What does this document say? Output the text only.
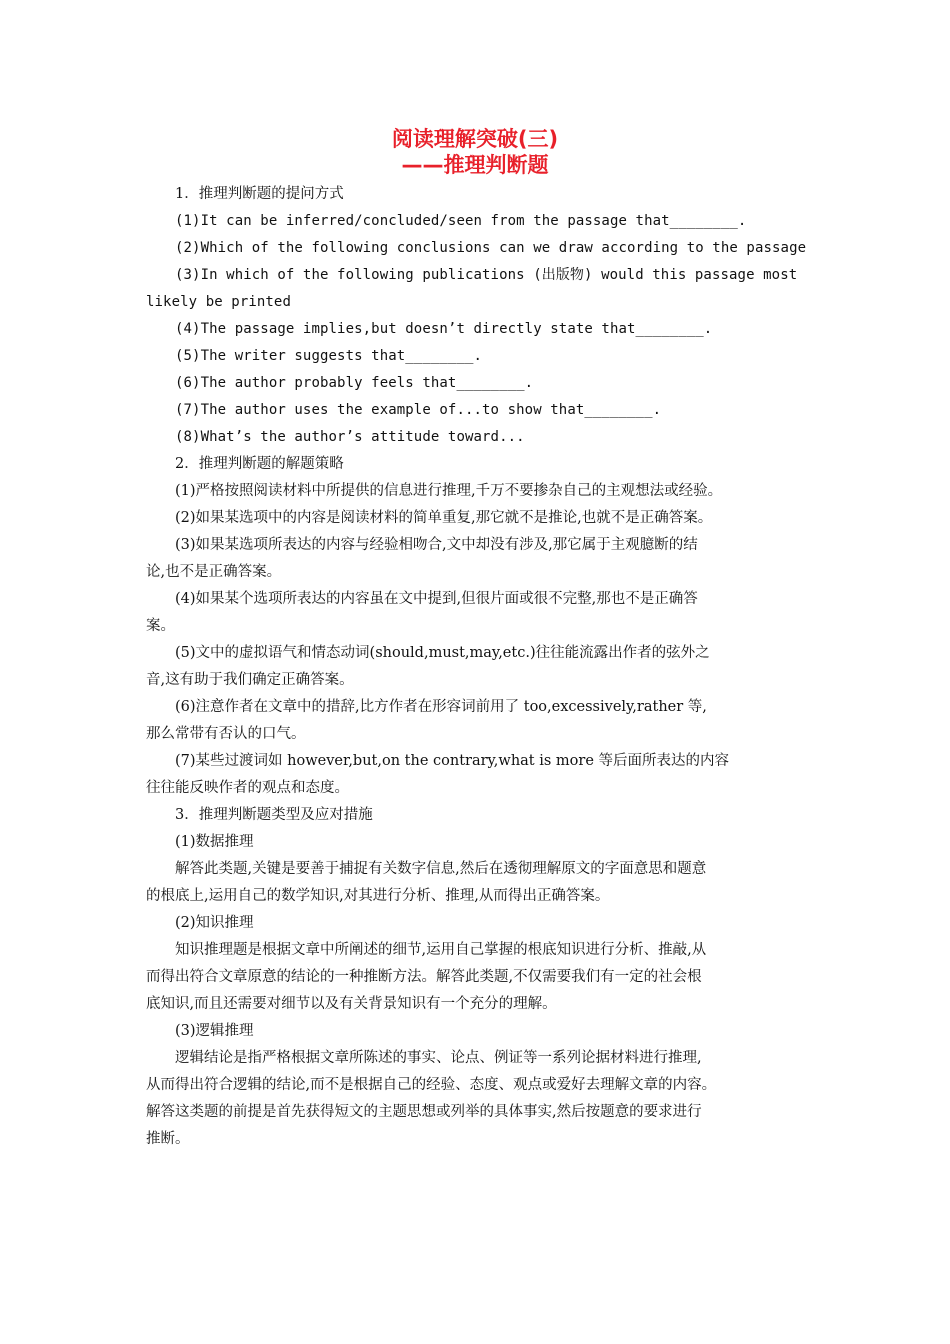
阅读理解突破(三)
——推理判断题
1．推理判断题的提问方式
(1)It can be inferred/concluded/seen from the passage that________.
(2)Which of the following conclusions can we draw according to the passage
(3)In which of the following publications (出版物) would this passage most
likely be printed
(4)The passage implies,but doesn’t directly state that________.
(5)The writer suggests that________.
(6)The author probably feels that________.
(7)The author uses the example of...to show that________.
(8)What’s the author’s attitude toward...
2．推理判断题的解题策略
(1)严格按照阅读材料中所提供的信息进行推理,千万不要掺杂自己的主观想法或经验。
(2)如果某选项中的内容是阅读材料的简单重复,那它就不是推论,也就不是正确答案。
(3)如果某选项所表达的内容与经验相吻合,文中却没有涉及,那它属于主观臆断的结
论,也不是正确答案。
(4)如果某个选项所表达的内容虽在文中提到,但很片面或很不完整,那也不是正确答
案。
(5)文中的虚拟语气和情态动词(should,must,may,etc.)往往能流露出作者的弦外之
音,这有助于我们确定正确答案。
(6)注意作者在文章中的措辞,比方作者在形容词前用了 too,excessively,rather 等,
那么常带有否认的口气。
(7)某些过渡词如 however,but,on the contrary,what is more 等后面所表达的内容
往往能反映作者的观点和态度。
3．推理判断题类型及应对措施
(1)数据推理
解答此类题,关键是要善于捕捉有关数字信息,然后在透彻理解原文的字面意思和题意
的根底上,运用自己的数学知识,对其进行分析、推理,从而得出正确答案。
(2)知识推理
知识推理题是根据文章中所阐述的细节,运用自己掌握的根底知识进行分析、推敲,从
而得出符合文章原意的结论的一种推断方法。解答此类题,不仅需要我们有一定的社会根
底知识,而且还需要对细节以及有关背景知识有一个充分的理解。
(3)逻辑推理
逻辑结论是指严格根据文章所陈述的事实、论点、例证等一系列论据材料进行推理,
从而得出符合逻辑的结论,而不是根据自己的经验、态度、观点或爱好去理解文章的内容。
解答这类题的前提是首先获得短文的主题思想或列举的具体事实,然后按题意的要求进行
推断。
